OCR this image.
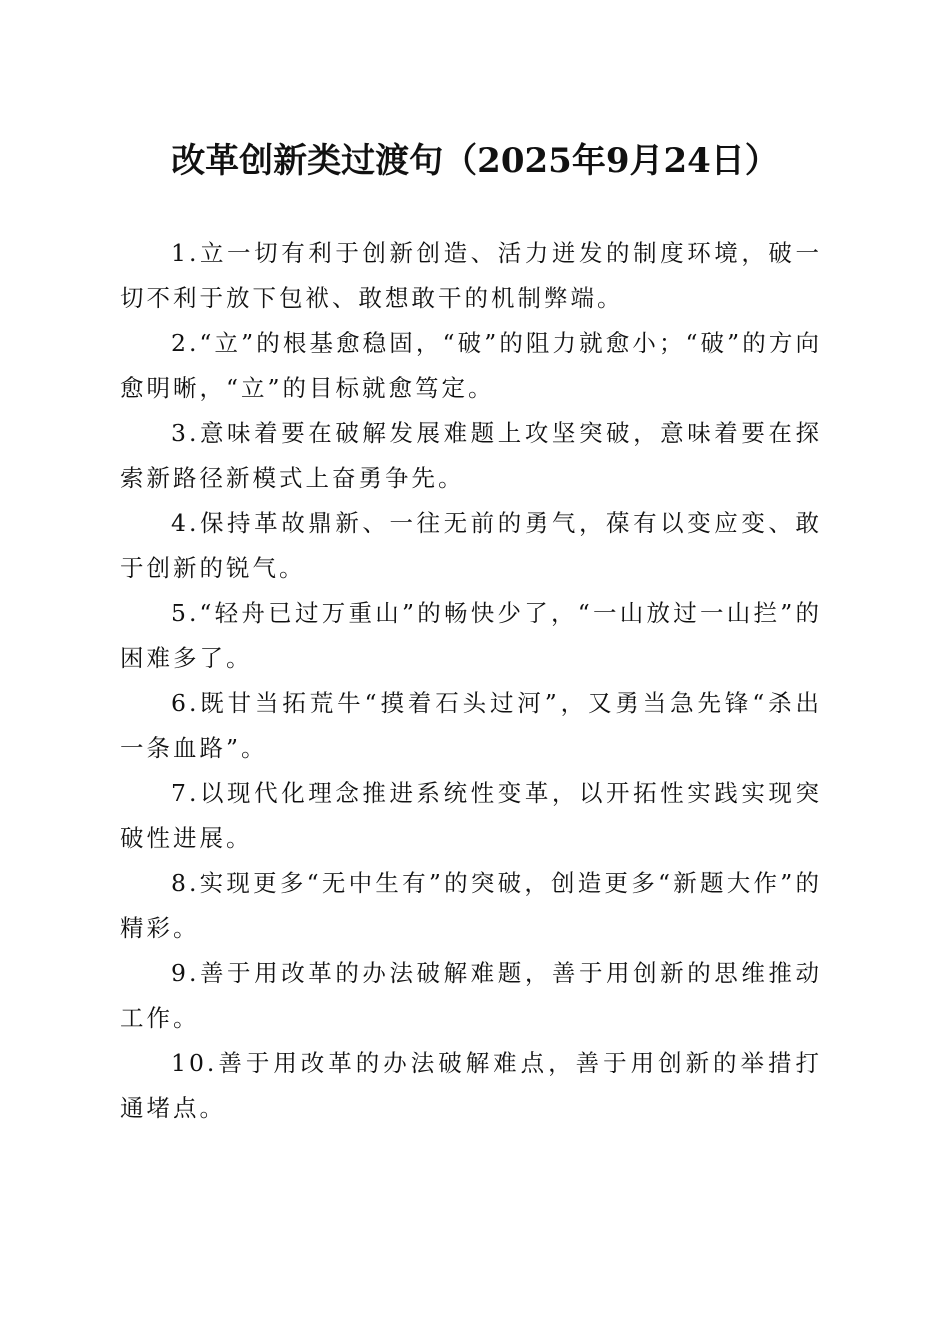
改革创新类过渡句（2025年9月24日）

1.立一切有利于创新创造、活力迸发的制度环境，破一切不利于放下包袱、敢想敢干的机制弊端。

2.“立”的根基愈稳固，“破”的阻力就愈小；“破”的方向愈明晰，“立”的目标就愈笃定。

3.意味着要在破解发展难题上攻坚突破，意味着要在探索新路径新模式上奋勇争先。

4.保持革故鼎新、一往无前的勇气，葆有以变应变、敢于创新的锐气。

5.“轻舟已过万重山”的畅快少了，“一山放过一山拦”的困难多了。

6.既甘当拓荒牛“摸着石头过河”，又勇当急先锋“杀出一条血路”。

7.以现代化理念推进系统性变革，以开拓性实践实现突破性进展。

8.实现更多“无中生有”的突破，创造更多“新题大作”的精彩。

9.善于用改革的办法破解难题，善于用创新的思维推动工作。

10.善于用改革的办法破解难点，善于用创新的举措打通堵点。
